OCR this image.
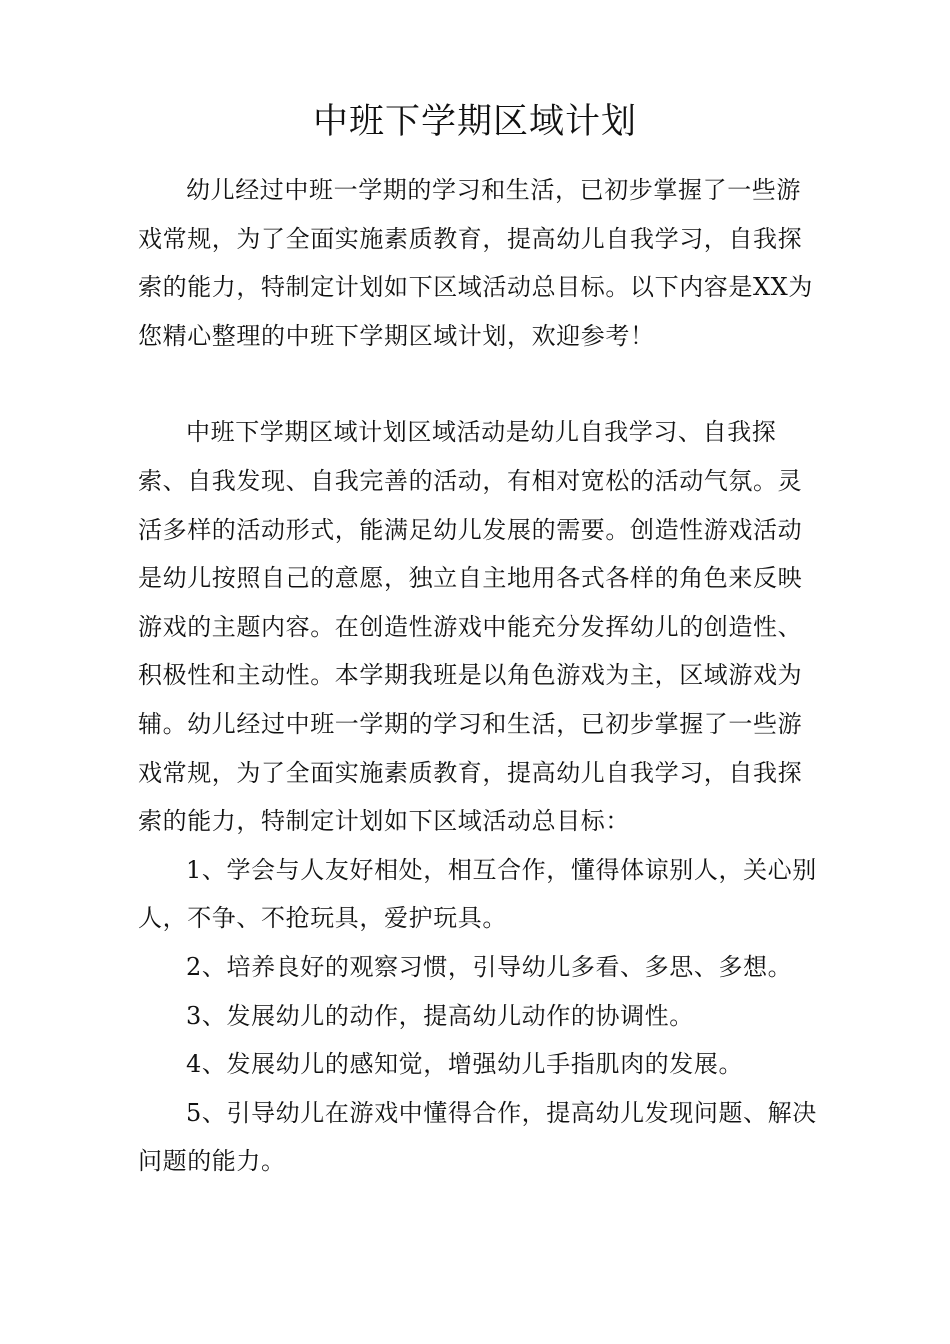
中班下学期区域计划

幼儿经过中班一学期的学习和生活，已初步掌握了一些游戏常规，为了全面实施素质教育，提高幼儿自我学习，自我探索的能力，特制定计划如下区域活动总目标。以下内容是XX为您精心整理的中班下学期区域计划，欢迎参考！

中班下学期区域计划区域活动是幼儿自我学习、自我探索、自我发现、自我完善的活动，有相对宽松的活动气氛。灵活多样的活动形式，能满足幼儿发展的需要。创造性游戏活动是幼儿按照自己的意愿，独立自主地用各式各样的角色来反映游戏的主题内容。在创造性游戏中能充分发挥幼儿的创造性、积极性和主动性。本学期我班是以角色游戏为主，区域游戏为辅。幼儿经过中班一学期的学习和生活，已初步掌握了一些游戏常规，为了全面实施素质教育，提高幼儿自我学习，自我探索的能力，特制定计划如下区域活动总目标：

1、学会与人友好相处，相互合作，懂得体谅别人，关心别人，不争、不抢玩具，爱护玩具。

2、培养良好的观察习惯，引导幼儿多看、多思、多想。

3、发展幼儿的动作，提高幼儿动作的协调性。

4、发展幼儿的感知觉，增强幼儿手指肌肉的发展。

5、引导幼儿在游戏中懂得合作，提高幼儿发现问题、解决问题的能力。
